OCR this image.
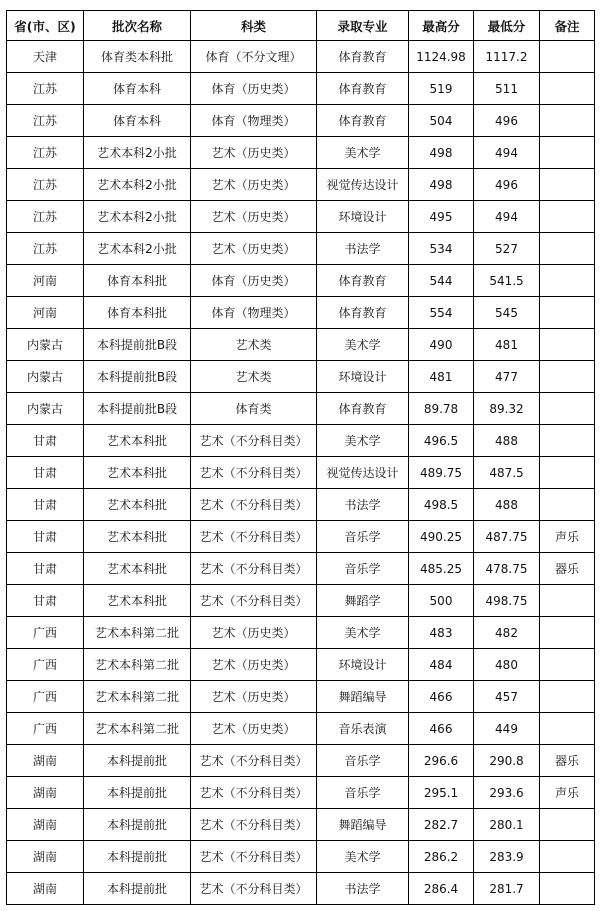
省(市、区)	批次名称	科类	录取专业	最高分	最低分	备注
天津	体育类本科批	体育（不分文理）	体育教育	1124.98	1117.2	
江苏	体育本科	体育（历史类）	体育教育	519	511	
江苏	体育本科	体育（物理类）	体育教育	504	496	
江苏	艺术本科2小批	艺术（历史类）	美术学	498	494	
江苏	艺术本科2小批	艺术（历史类）	视觉传达设计	498	496	
江苏	艺术本科2小批	艺术（历史类）	环境设计	495	494	
江苏	艺术本科2小批	艺术（历史类）	书法学	534	527	
河南	体育本科批	体育（历史类）	体育教育	544	541.5	
河南	体育本科批	体育（物理类）	体育教育	554	545	
内蒙古	本科提前批B段	艺术类	美术学	490	481	
内蒙古	本科提前批B段	艺术类	环境设计	481	477	
内蒙古	本科提前批B段	体育类	体育教育	89.78	89.32	
甘肃	艺术本科批	艺术（不分科目类）	美术学	496.5	488	
甘肃	艺术本科批	艺术（不分科目类）	视觉传达设计	489.75	487.5	
甘肃	艺术本科批	艺术（不分科目类）	书法学	498.5	488	
甘肃	艺术本科批	艺术（不分科目类）	音乐学	490.25	487.75	声乐
甘肃	艺术本科批	艺术（不分科目类）	音乐学	485.25	478.75	器乐
甘肃	艺术本科批	艺术（不分科目类）	舞蹈学	500	498.75	
广西	艺术本科第二批	艺术（历史类）	美术学	483	482	
广西	艺术本科第二批	艺术（历史类）	环境设计	484	480	
广西	艺术本科第二批	艺术（历史类）	舞蹈编导	466	457	
广西	艺术本科第二批	艺术（历史类）	音乐表演	466	449	
湖南	本科提前批	艺术（不分科目类）	音乐学	296.6	290.8	器乐
湖南	本科提前批	艺术（不分科目类）	音乐学	295.1	293.6	声乐
湖南	本科提前批	艺术（不分科目类）	舞蹈编导	282.7	280.1	
湖南	本科提前批	艺术（不分科目类）	美术学	286.2	283.9	
湖南	本科提前批	艺术（不分科目类）	书法学	286.4	281.7	
